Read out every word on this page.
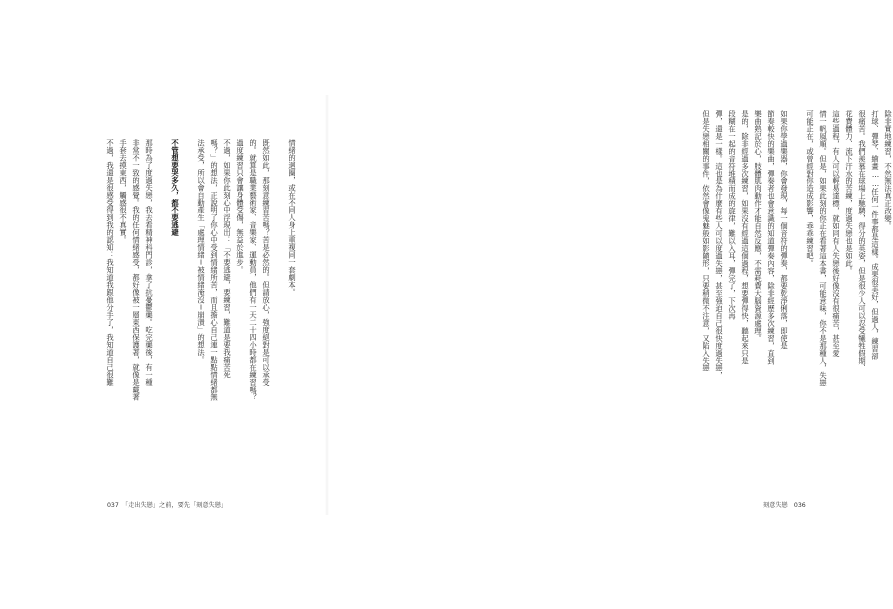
情緒的迴圈，或在不同人身上重複同一套劇本。
既然如此，那刻意練習苦嗎？苦是必然的。但請放心，強度絕對是可以承受
的。就算是職業藝術家、音樂家、運動員，他們有一天二十四小時都在練習嗎？
過度練習只會讓身體受傷，無益於進步。
不過，如果你此刻心中浮現出：「不要逃避，要練習，難道是要我痛苦死
嗎？」的想法，正說明了你心中受到情緒所苦，而且擔心自己連一點點情緒都無
法承受，所以會自動產生「處理情緒＝被情緒淹沒＝崩潰」的想法。
不管想要哭多久，都不要逃避
那時為了度過失戀，我去看精神科門診，拿了抗憂鬱藥。吃完藥後，有一種
非常不一致的感覺。我的任何情緒感受，都好像被一層東西保護著，就像是戴著
手套去摸東西，觸感很不真實。
不過，我還是很感受得到我的認知：我知道我跟他分手了，我知道自己很難
037　「走出失戀」之前，要先「刻意失戀」
除非實地練習，不然無法真正改變。
打球、彈琴、繪畫……任何一件事都是這樣。成果很美好，但過人，練習卻
很痛苦。我們羨慕在球場上馳騁，得分的英姿，但是很少人可以忍受犧牲假期、
花費體力、流下汗水的苦練，度過失戀也是如此。
這些過程，有人可以輕易達標，就如同有人失戀後好像沒有很痛苦，甚至愛
情一帆風順。但是，如果此刻的你正在看著這本書，可能意味，你不是那種人，失戀
可能正在，或曾經對你造成影響，乖乖練習吧。
如果你學過樂器，你會發現，每一個音符的彈奏，都要乾淨俐落，即使是
節奏較快的樂曲，彈奏者也會意識的知道彈奏內容，除非經歷多次練習，直到
樂曲熟記於心，肢體肌肉動作才能自然反應，不需耗費大腦資源處理。
是的，除非經過多次練習，如果沒有經過這個過程，想要彈得快，聽起來只是
段糊在一起的音符堆積而成的旋律，難以入耳，彈完了，下次再
彈，還是一樣。這也是為什麼有些人可以度過失戀，甚至強迫自己很快度過失戀，
但是失戀相關的事件，依然會像鬼魅般如影隨形，只要稍微不注意，又陷入失戀
刻意失戀　036
